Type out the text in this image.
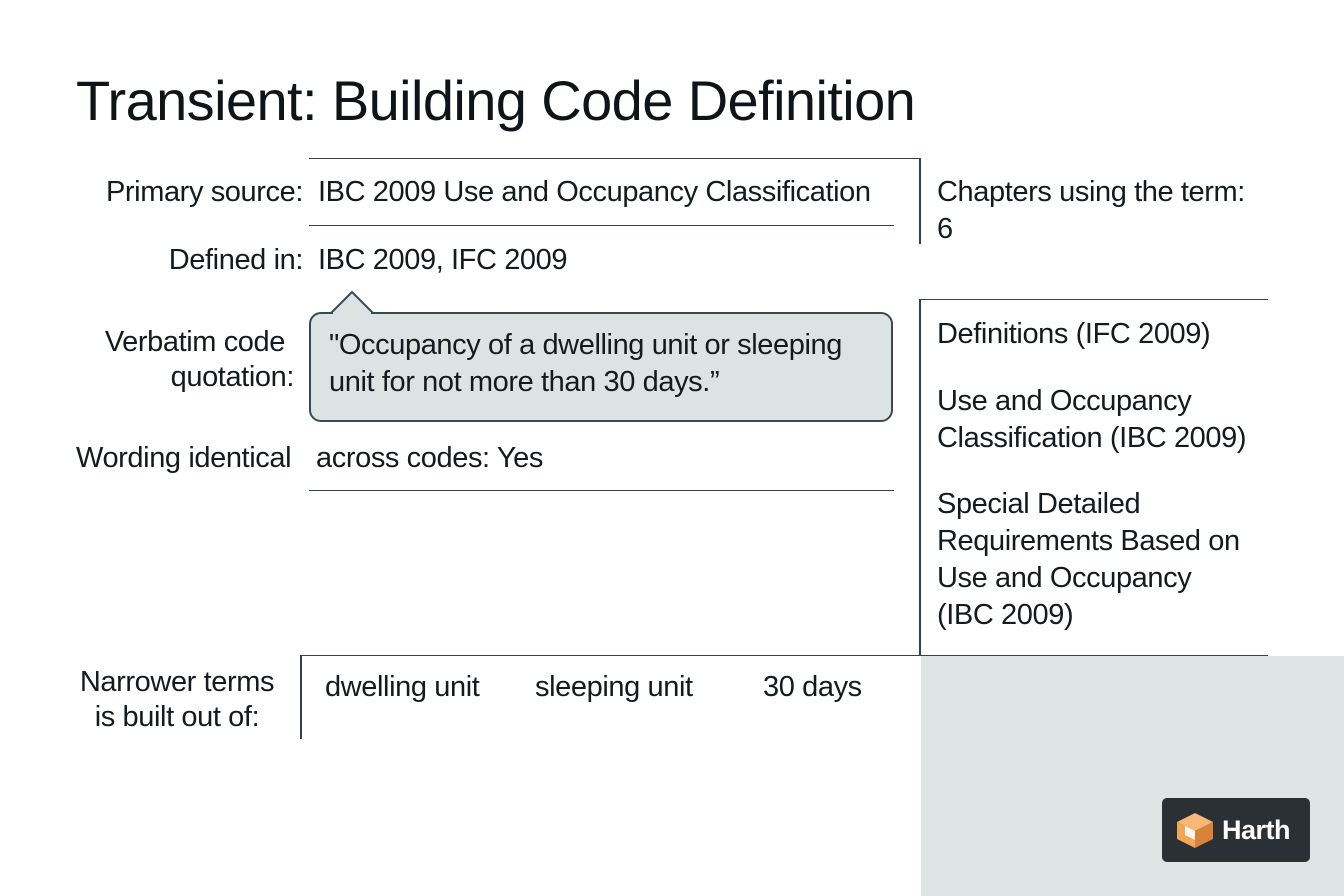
Transient: Building Code Definition
Primary source: IBC 2009 Use and Occupancy Classification
Defined in: IBC 2009, IFC 2009
Chapters using the term:
6
Verbatim code
quotation:
"Occupancy of a dwelling unit or sleeping unit for not more than 30 days.”
Wording identical across codes: Yes
Definitions (IFC 2009)
Use and Occupancy Classification (IBC 2009)
Special Detailed Requirements Based on Use and Occupancy (IBC 2009)
Narrower terms
is built out of:
dwelling unit sleeping unit 30 days
Harth
